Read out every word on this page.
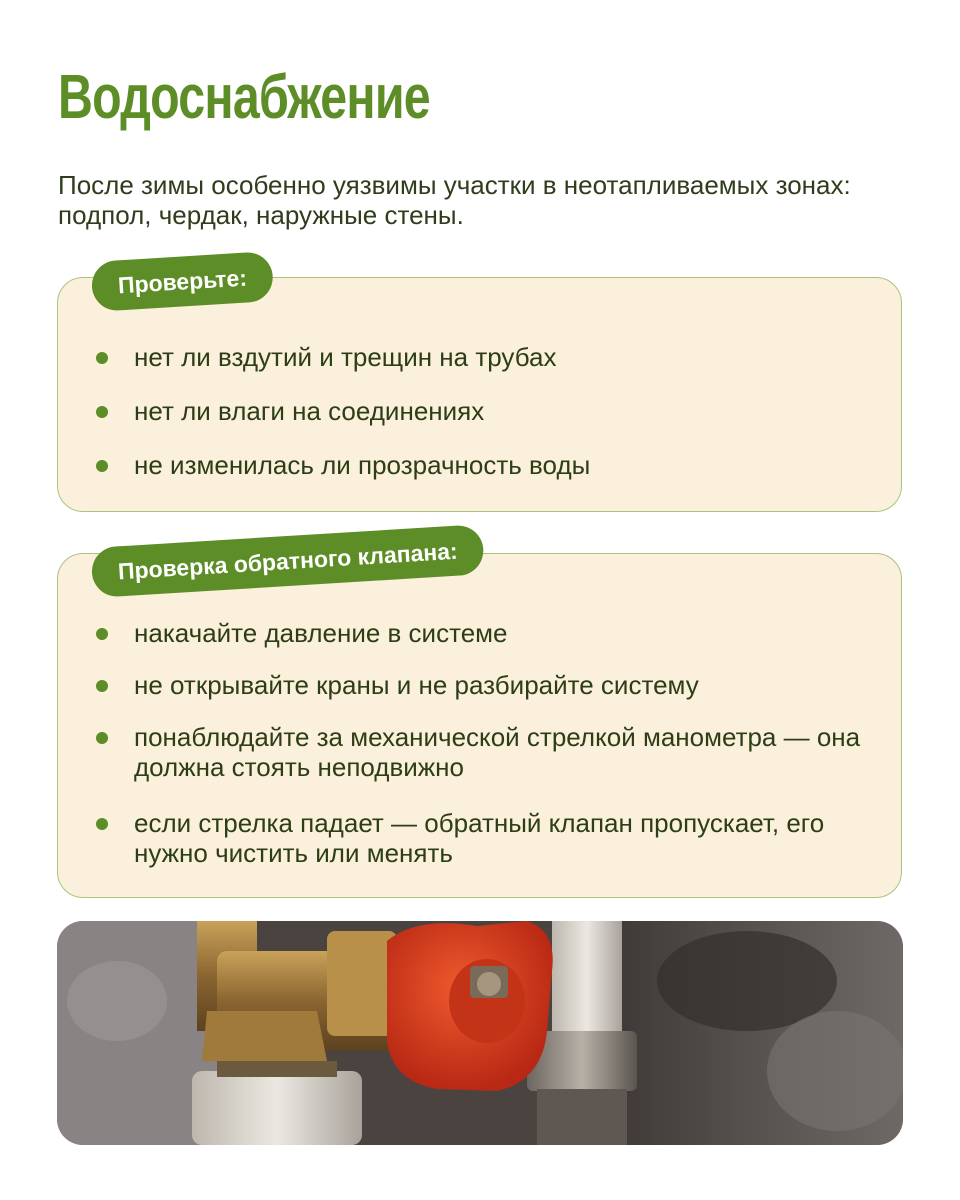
Водоснабжение

После зимы особенно уязвимы участки в неотапливаемых зонах: подпол, чердак, наружные стены.

Проверьте:
нет ли вздутий и трещин на трубах
нет ли влаги на соединениях
не изменилась ли прозрачность воды
Проверка обратного клапана:
накачайте давление в системе
не открывайте краны и не разбирайте систему
понаблюдайте за механической стрелкой манометра — она должна стоять неподвижно
если стрелка падает — обратный клапан пропускает, его нужно чистить или менять
